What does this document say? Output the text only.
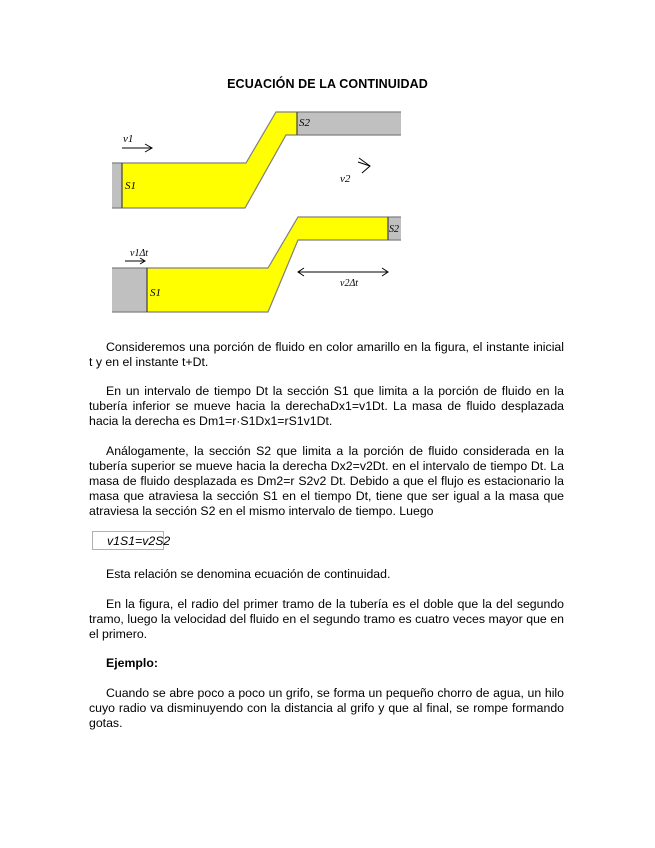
ECUACIÓN DE LA CONTINUIDAD
v1
S1
S2
v2
v1Δt
S1
S2
v2Δt
Consideremos una porción de fluido en color amarillo en la figura, el instante inicial t y en el instante t+Dt.
En un intervalo de tiempo Dt la sección S1 que limita a la porción de fluido en la tubería inferior se mueve hacia la derechaDx1=v1Dt. La masa de fluido desplazada hacia la derecha es Dm1=r·S1Dx1=rS1v1Dt.
Análogamente, la sección S2 que limita a la porción de fluido considerada en la tubería superior se mueve hacia la derecha Dx2=v2Dt. en el intervalo de tiempo Dt. La masa de fluido desplazada es Dm2=r S2v2 Dt. Debido a que el flujo es estacionario la masa que atraviesa la sección S1 en el tiempo Dt, tiene que ser igual a la masa que atraviesa la sección S2 en el mismo intervalo de tiempo. Luego
v1S1=v2S2
Esta relación se denomina ecuación de continuidad.
En la figura, el radio del primer tramo de la tubería es el doble que la del segundo tramo, luego la velocidad del fluido en el segundo tramo es cuatro veces mayor que en el primero.
Ejemplo:
Cuando se abre poco a poco un grifo, se forma un pequeño chorro de agua, un hilo cuyo radio va disminuyendo con la distancia al grifo y que al final, se rompe formando gotas.
